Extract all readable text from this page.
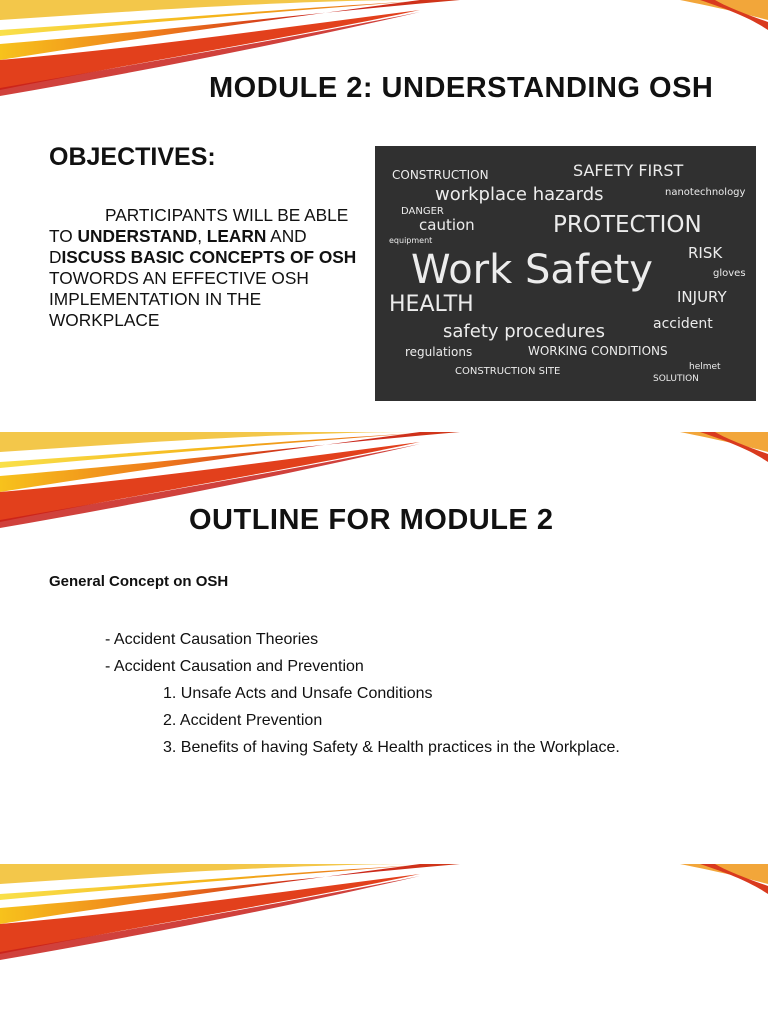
MODULE 2: UNDERSTANDING OSH
OBJECTIVES:
PARTICIPANTS WILL BE ABLE TO UNDERSTAND, LEARN AND DISCUSS BASIC CONCEPTS OF OSH TOWORDS AN EFFECTIVE OSH IMPLEMENTATION IN THE WORKPLACE
CONSTRUCTION	SAFETY FIRST
workplace hazards	nanotechnology
DANGER
caution	PROTECTION
equipment
Work Safety RISK
gloves
HEALTH	INJURY
safety procedures	accident
regulations	WORKING CONDITIONS
helmet
CONSTRUCTION SITE
SOLUTION
OUTLINE FOR MODULE 2
General Concept on OSH
- Accident Causation Theories
- Accident Causation and Prevention
1. Unsafe Acts and Unsafe Conditions
2. Accident Prevention
3. Benefits of having Safety & Health practices in the Workplace.
